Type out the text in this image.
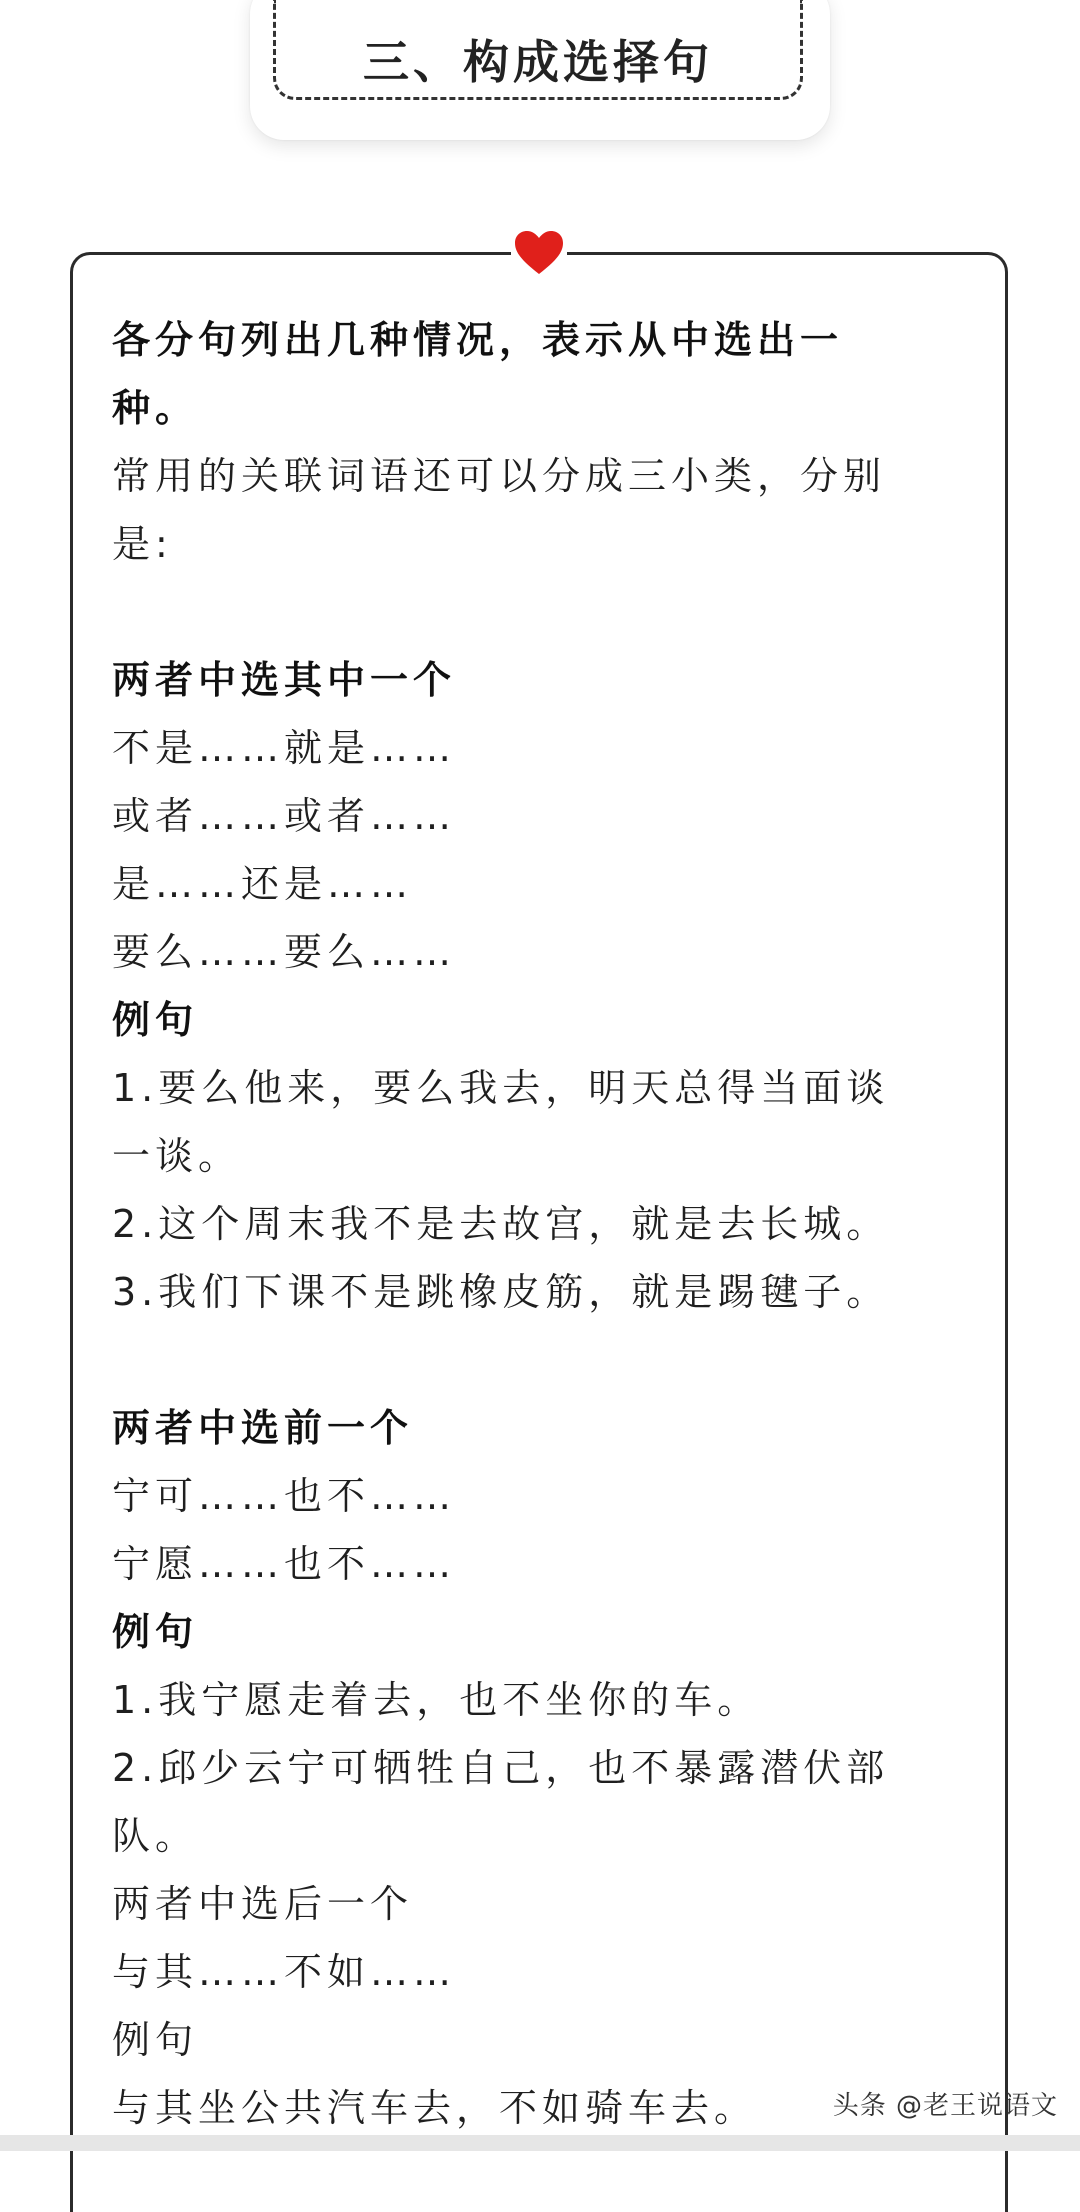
三、构成选择句
各分句列出几种情况，表示从中选出一
种。
常用的关联词语还可以分成三小类，分别
是:
两者中选其中一个
不是……就是……
或者……或者……
是……还是……
要么……要么……
例句
1.要么他来，要么我去，明天总得当面谈
一谈。
2.这个周末我不是去故宫，就是去长城。
3.我们下课不是跳橡皮筋，就是踢毽子。
两者中选前一个
宁可……也不……
宁愿……也不……
例句
1.我宁愿走着去，也不坐你的车。
2.邱少云宁可牺牲自己，也不暴露潜伏部
队。
两者中选后一个
与其……不如……
例句
与其坐公共汽车去，不如骑车去。	头条 @老王说语文
